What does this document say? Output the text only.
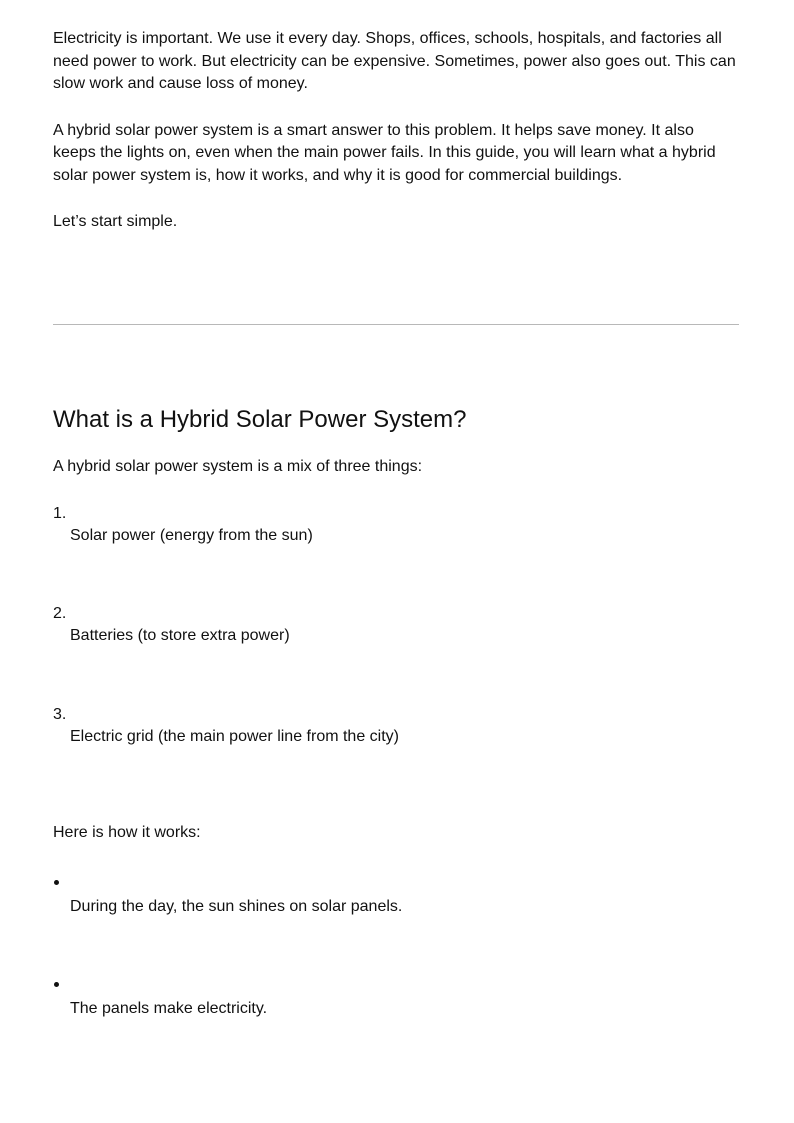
Electricity is important. We use it every day. Shops, offices, schools, hospitals, and factories all need power to work. But electricity can be expensive. Sometimes, power also goes out. This can slow work and cause loss of money.

A hybrid solar power system is a smart answer to this problem. It helps save money. It also keeps the lights on, even when the main power fails. In this guide, you will learn what a hybrid solar power system is, how it works, and why it is good for commercial buildings.

Let’s start simple.

What is a Hybrid Solar Power System?

A hybrid solar power system is a mix of three things:

1.
Solar power (energy from the sun)
2.
Batteries (to store extra power)
3.
Electric grid (the main power line from the city)

Here is how it works:

During the day, the sun shines on solar panels.
The panels make electricity.
